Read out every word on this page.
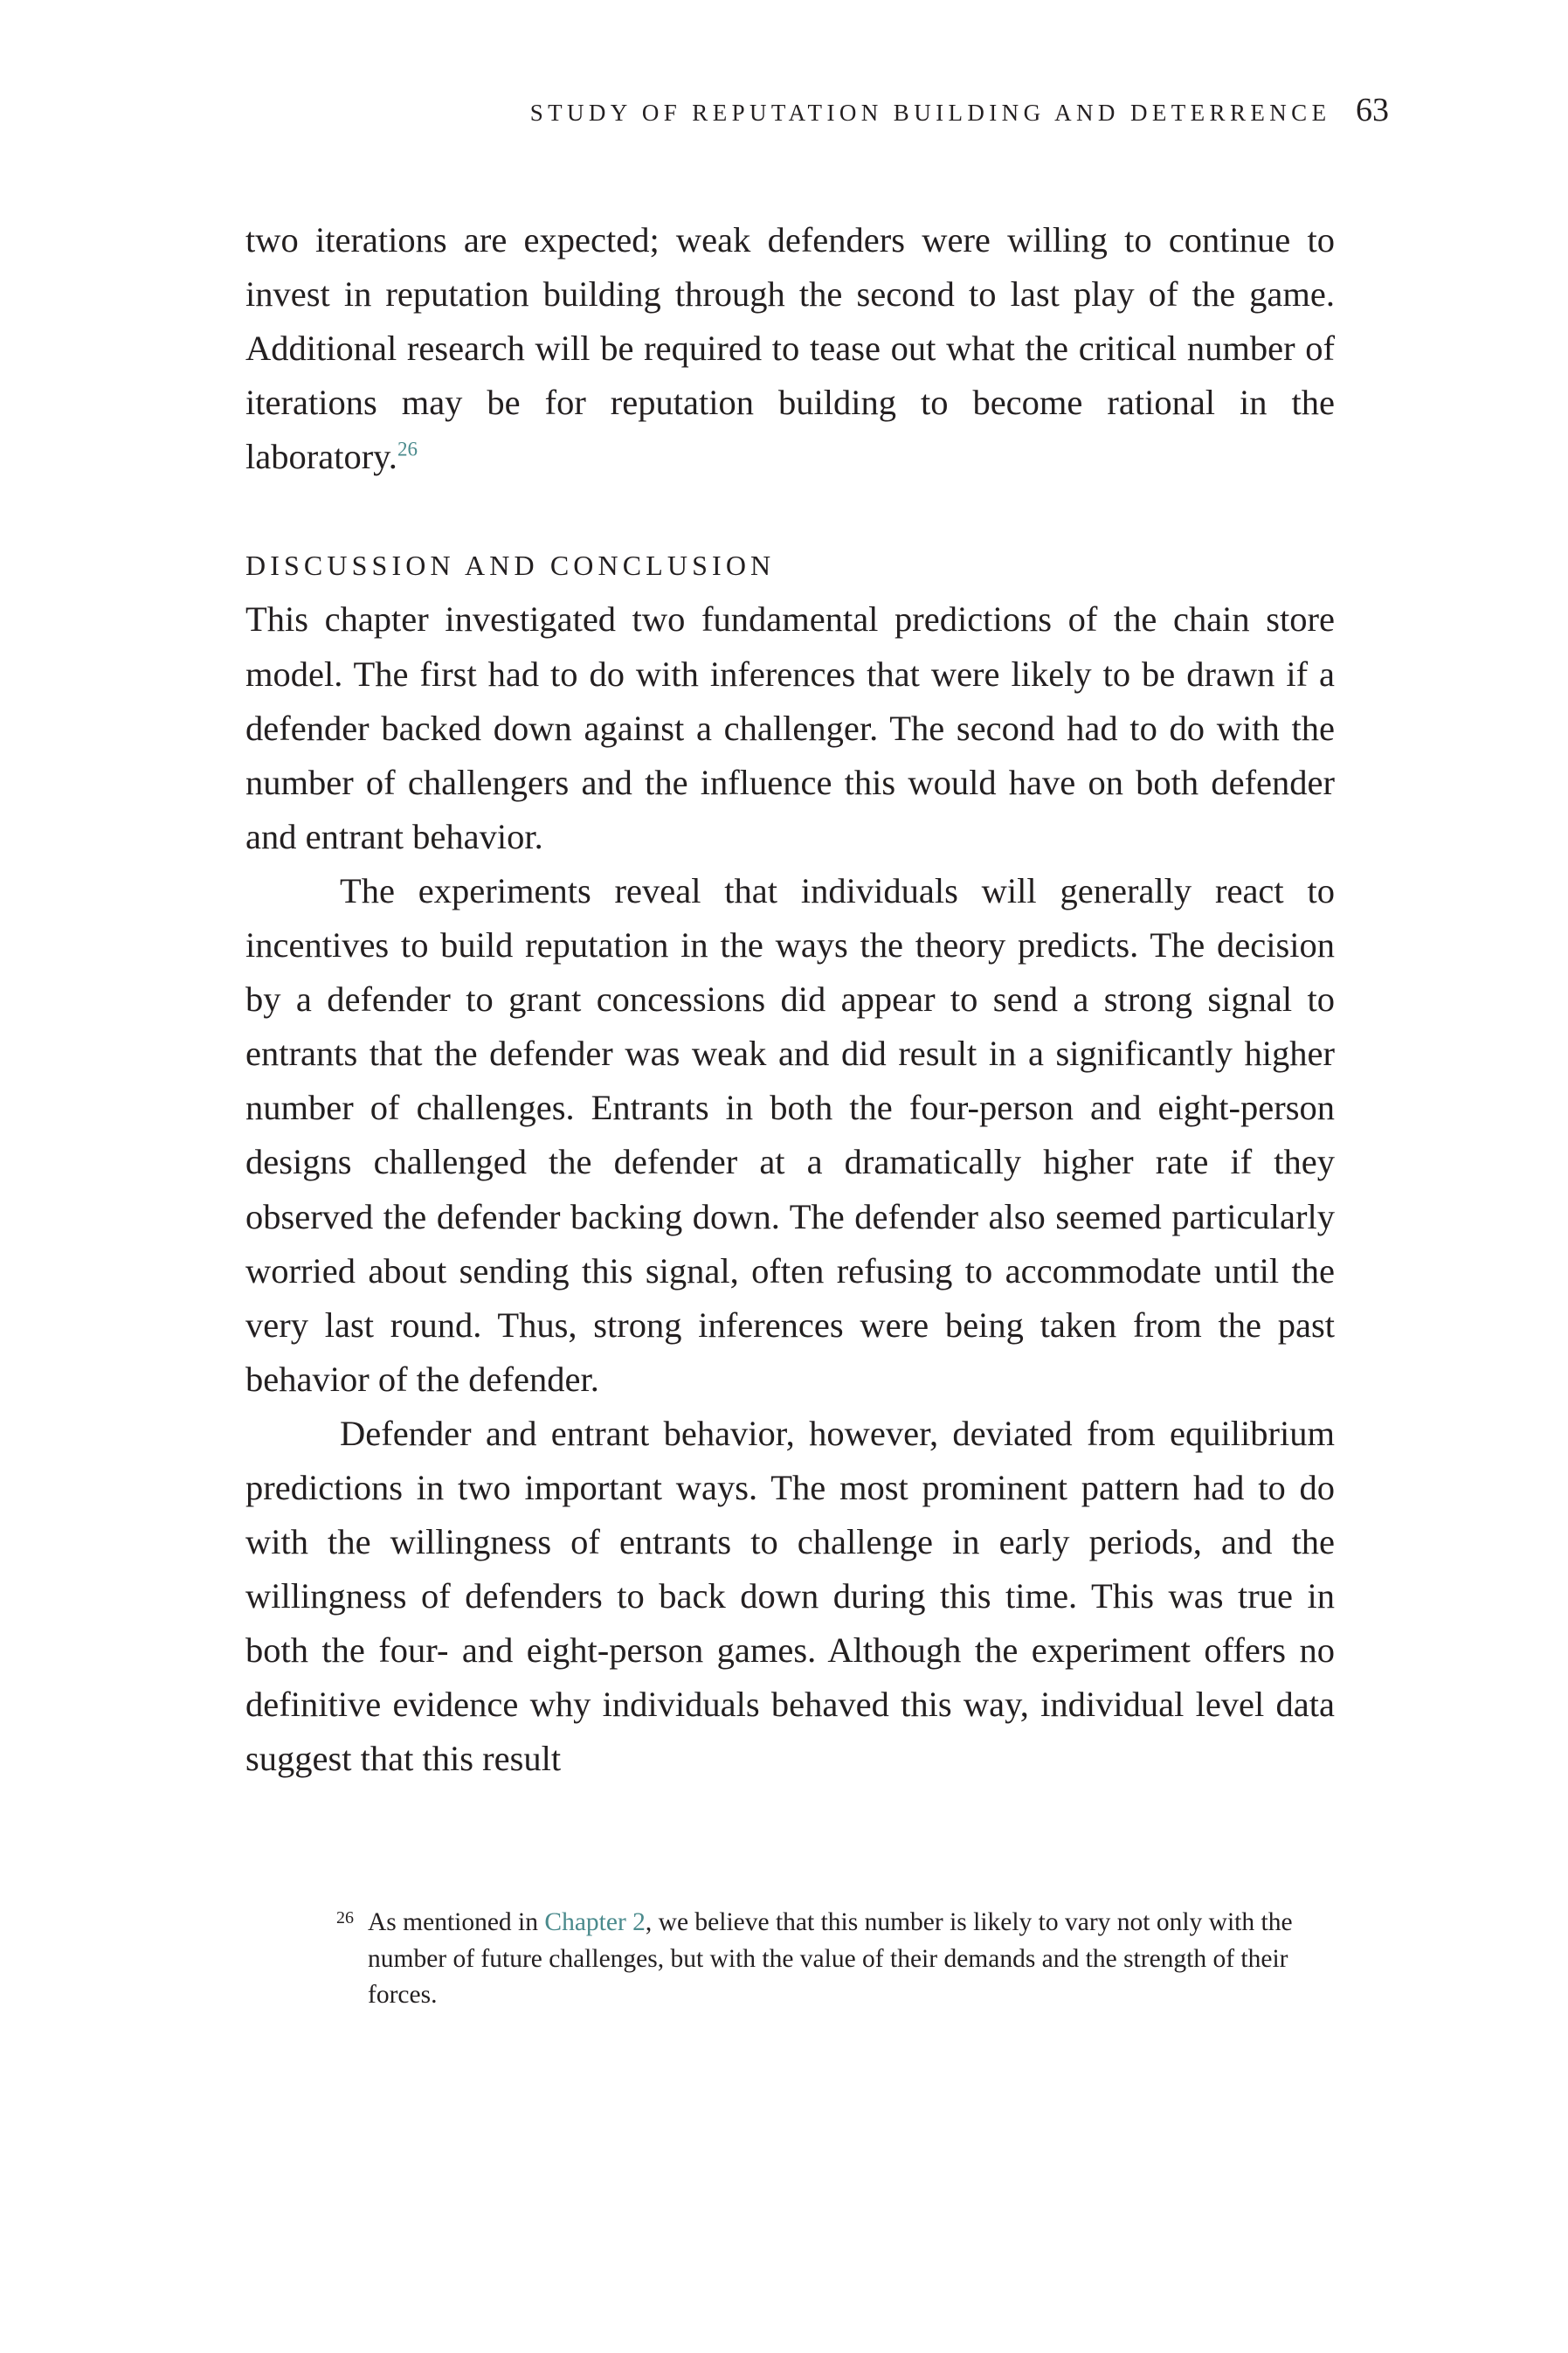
STUDY OF REPUTATION BUILDING AND DETERRENCE 63

two iterations are expected; weak defenders were willing to continue to invest in reputation building through the second to last play of the game. Additional research will be required to tease out what the critical number of iterations may be for reputation building to become rational in the laboratory.$^{26}$

DISCUSSION AND CONCLUSION

This chapter investigated two fundamental predictions of the chain store model. The first had to do with inferences that were likely to be drawn if a defender backed down against a challenger. The second had to do with the number of challengers and the influence this would have on both defender and entrant behavior.

The experiments reveal that individuals will generally react to incentives to build reputation in the ways the theory predicts. The decision by a defender to grant concessions did appear to send a strong signal to entrants that the defender was weak and did result in a significantly higher number of challenges. Entrants in both the four-person and eight-person designs challenged the defender at a dramatically higher rate if they observed the defender backing down. The defender also seemed particularly worried about sending this signal, often refusing to accommodate until the very last round. Thus, strong inferences were being taken from the past behavior of the defender.

Defender and entrant behavior, however, deviated from equilibrium predictions in two important ways. The most prominent pattern had to do with the willingness of entrants to challenge in early periods, and the willingness of defenders to back down during this time. This was true in both the four- and eight-person games. Although the experiment offers no definitive evidence why individuals behaved this way, individual level data suggest that this result

26 As mentioned in Chapter 2, we believe that this number is likely to vary not only with the number of future challenges, but with the value of their demands and the strength of their forces.
